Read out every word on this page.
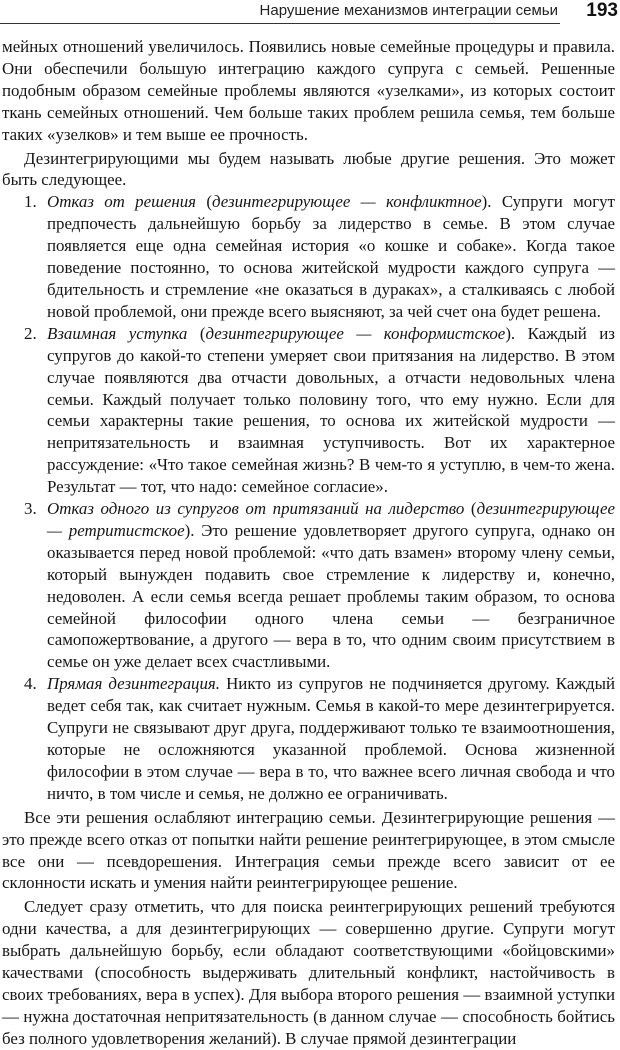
Нарушение механизмов интеграции семьи 193

мейных отношений увеличилось. Появились новые семейные процедуры и правила. Они обеспечили большую интеграцию каждого супруга с семьей. Решенные подобным образом семейные проблемы являются «узелками», из которых состоит ткань семейных отношений. Чем больше таких проблем решила семья, тем больше таких «узелков» и тем выше ее прочность.

Дезинтегрирующими мы будем называть любые другие решения. Это может быть следующее.

1. Отказ от решения (дезинтегрирующее — конфликтное). Супруги могут предпочесть дальнейшую борьбу за лидерство в семье. В этом случае появляется еще одна семейная история «о кошке и собаке». Когда такое поведение постоянно, то основа житейской мудрости каждого супруга — бдительность и стремление «не оказаться в дураках», а сталкиваясь с любой новой проблемой, они прежде всего выясняют, за чей счет она будет решена.

2. Взаимная уступка (дезинтегрирующее — конформистское). Каждый из супругов до какой-то степени умеряет свои притязания на лидерство. В этом случае появляются два отчасти довольных, а отчасти недовольных члена семьи. Каждый получает только половину того, что ему нужно. Если для семьи характерны такие решения, то основа их житейской мудрости — непритязательность и взаимная уступчивость. Вот их характерное рассуждение: «Что такое семейная жизнь? В чем-то я уступлю, в чем-то жена. Результат — тот, что надо: семейное согласие».

3. Отказ одного из супругов от притязаний на лидерство (дезинтегрирующее — ретритистское). Это решение удовлетворяет другого супруга, однако он оказывается перед новой проблемой: «что дать взамен» второму члену семьи, который вынужден подавить свое стремление к лидерству и, конечно, недоволен. А если семья всегда решает проблемы таким образом, то основа семейной философии одного члена семьи — безграничное самопожертвование, а другого — вера в то, что одним своим присутствием в семье он уже делает всех счастливыми.

4. Прямая дезинтеграция. Никто из супругов не подчиняется другому. Каждый ведет себя так, как считает нужным. Семья в какой-то мере дезинтегрируется. Супруги не связывают друг друга, поддерживают только те взаимоотношения, которые не осложняются указанной проблемой. Основа жизненной философии в этом случае — вера в то, что важнее всего личная свобода и что ничто, в том числе и семья, не должно ее ограничивать.

Все эти решения ослабляют интеграцию семьи. Дезинтегрирующие решения — это прежде всего отказ от попытки найти решение реинтегрирующее, в этом смысле все они — псевдорешения. Интеграция семьи прежде всего зависит от ее склонности искать и умения найти реинтегрирующее решение.

Следует сразу отметить, что для поиска реинтегрирующих решений требуются одни качества, а для дезинтегрирующих — совершенно другие. Супруги могут выбрать дальнейшую борьбу, если обладают соответствующими «бойцовскими» качествами (способность выдерживать длительный конфликт, настойчивость в своих требованиях, вера в успех). Для выбора второго решения — взаимной уступки — нужна достаточная непритязательность (в данном случае — способность бойтись без полного удовлетворения желаний). В случае прямой дезинтеграции
